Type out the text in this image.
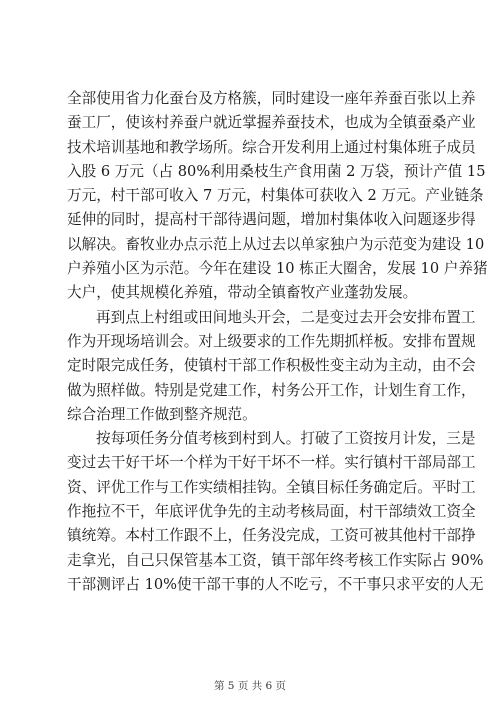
全部使用省力化蚕台及方格簇，同时建设一座年养蚕百张以上养
蚕工厂，使该村养蚕户就近掌握养蚕技术，也成为全镇蚕桑产业
技术培训基地和教学场所。综合开发利用上通过村集体班子成员
入股 6 万元（占 80%利用桑枝生产食用菌 2 万袋，预计产值 15
万元，村干部可收入 7 万元，村集体可获收入 2 万元。产业链条
延伸的同时，提高村干部待遇问题，增加村集体收入问题逐步得
以解决。畜牧业办点示范上从过去以单家独户为示范变为建设 10
户养殖小区为示范。今年在建设 10 栋正大圈舍，发展 10 户养猪
大户，使其规模化养殖，带动全镇畜牧产业蓬勃发展。
再到点上村组或田间地头开会，二是变过去开会安排布置工
作为开现场培训会。对上级要求的工作先期抓样板。安排布置规
定时限完成任务，使镇村干部工作积极性变主动为主动，由不会
做为照样做。特别是党建工作，村务公开工作，计划生育工作，
综合治理工作做到整齐规范。
按每项任务分值考核到村到人。打破了工资按月计发，三是
变过去干好干坏一个样为干好干坏不一样。实行镇村干部局部工
资、评优工作与工作实绩相挂钩。全镇目标任务确定后。平时工
作拖拉不干，年底评优争先的主动考核局面，村干部绩效工资全
镇统筹。本村工作跟不上，任务没完成，工资可被其他村干部挣
走拿光，自己只保管基本工资，镇干部年终考核工作实际占 90%
干部测评占 10%使干部干事的人不吃亏，不干事只求平安的人无
第 5 页 共 6 页
